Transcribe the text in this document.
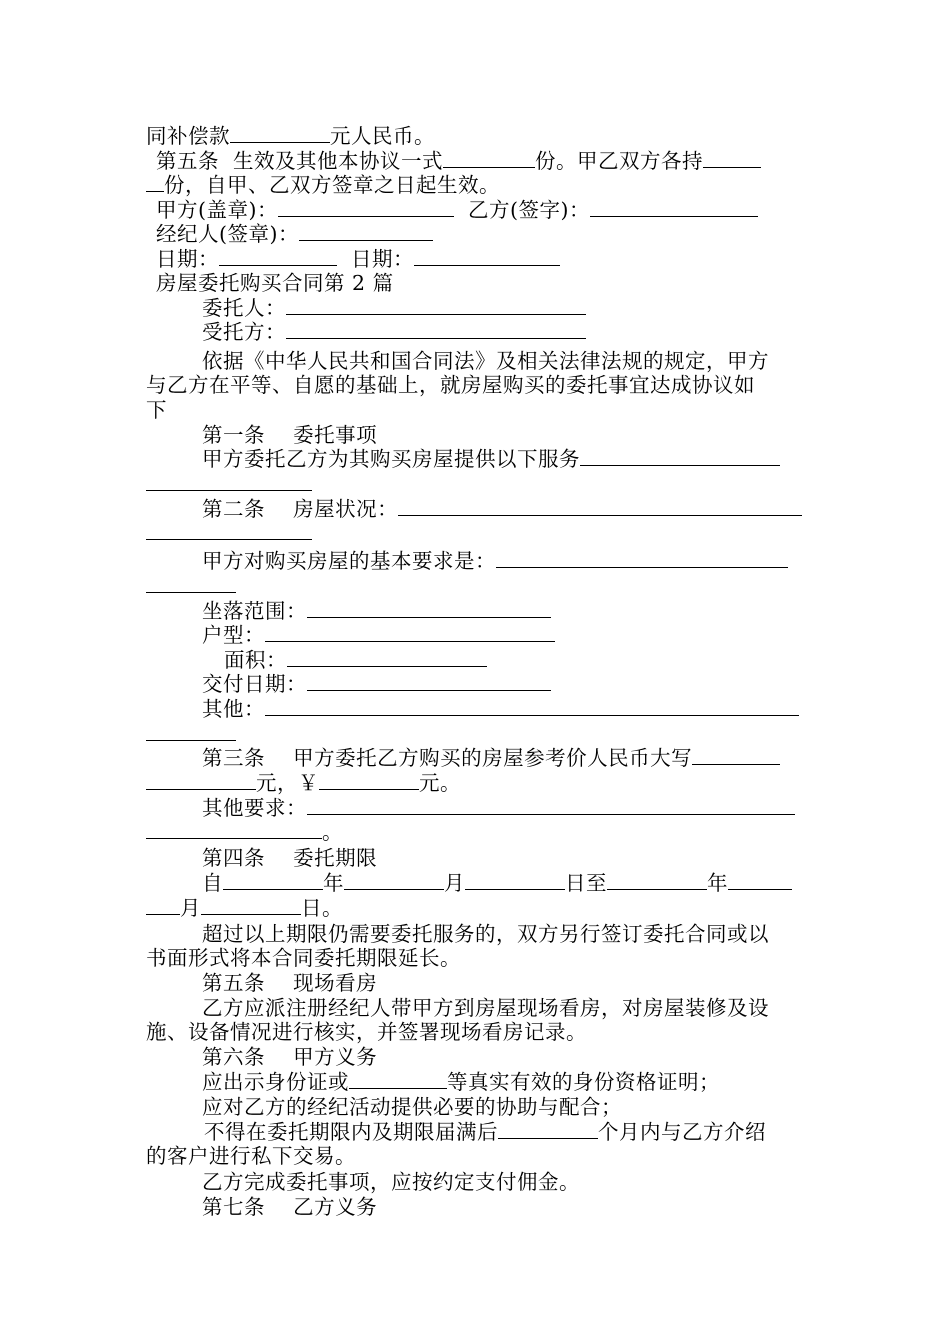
同补偿款	元人民币。
第五条  生效及其他本协议一式	份。甲乙双方各持
份，自甲、乙双方签章之日起生效。
甲方(盖章)：	乙方(签字)：
经纪人(签章)：
日期：	日期：
房屋委托购买合同第 2 篇
委托人：
受托方：
依据《中华人民共和国合同法》及相关法律法规的规定，甲方
与乙方在平等、自愿的基础上，就房屋购买的委托事宜达成协议如
下
第一条    委托事项
甲方委托乙方为其购买房屋提供以下服务
第二条    房屋状况：
甲方对购买房屋的基本要求是：
坐落范围：
户型：
面积：
交付日期：
其他：
第三条    甲方委托乙方购买的房屋参考价人民币大写
元，￥	元。
其他要求：
。
第四条    委托期限
自	年	月	日至	年
月	日。
超过以上期限仍需要委托服务的，双方另行签订委托合同或以
书面形式将本合同委托期限延长。
第五条    现场看房
乙方应派注册经纪人带甲方到房屋现场看房，对房屋装修及设
施、设备情况进行核实，并签署现场看房记录。
第六条    甲方义务
应出示身份证或	等真实有效的身份资格证明；
应对乙方的经纪活动提供必要的协助与配合；
不得在委托期限内及期限届满后	个月内与乙方介绍
的客户进行私下交易。
乙方完成委托事项，应按约定支付佣金。
第七条    乙方义务
